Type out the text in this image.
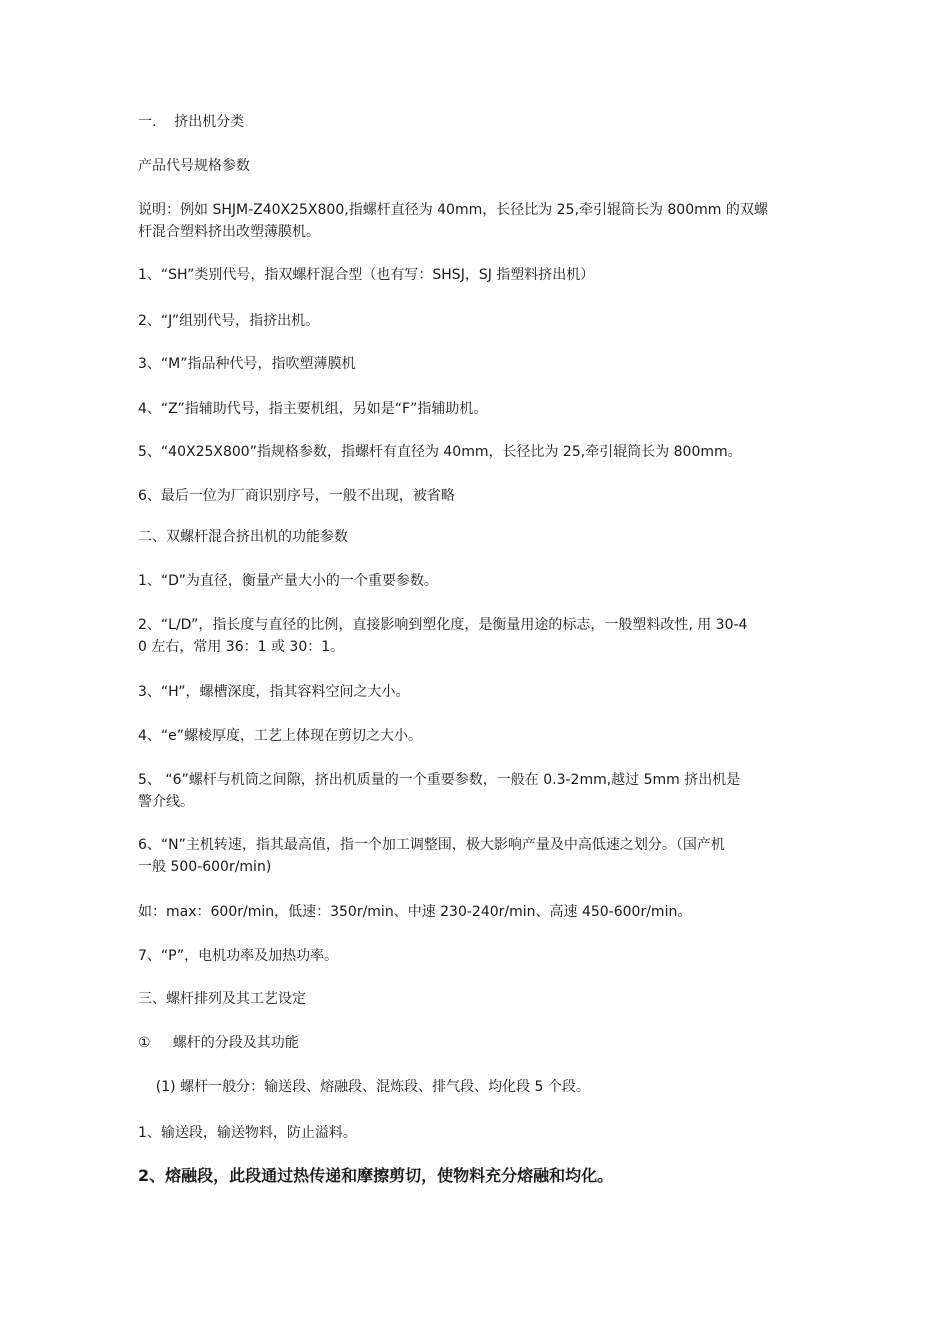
一.    挤出机分类
产品代号规格参数
说明：例如 SHJM-Z40X25X800,指螺杆直径为 40mm，长径比为 25,牵引辊筒长为 800mm 的双螺
杆混合塑料挤出改塑薄膜机。
1、“SH”类别代号，指双螺杆混合型（也有写：SHSJ，SJ 指塑料挤出机）
2、“J”组别代号，指挤出机。
3、“M”指品种代号，指吹塑薄膜机
4、“Z”指辅助代号，指主要机组，另如是“F”指辅助机。
5、“40X25X800”指规格参数，指螺杆有直径为 40mm，长径比为 25,牵引辊筒长为 800mm。
6、最后一位为厂商识别序号，一般不出现，被省略
二、双螺杆混合挤出机的功能参数
1、“D”为直径，衡量产量大小的一个重要参数。
2、“L/D”，指长度与直径的比例，直接影响到塑化度，是衡量用途的标志，一般塑料改性, 用 30-4
0 左右，常用 36：1 或 30：1。
3、“H”，螺槽深度，指其容料空间之大小。
4、“e”螺棱厚度，工艺上体现在剪切之大小。
5、 “6”螺杆与机筒之间隙，挤出机质量的一个重要参数，一般在 0.3-2mm,越过 5mm 挤出机是
警介线。
6、“N”主机转速，指其最高值，指一个加工调整围，极大影响产量及中高低速之划分。（国产机
一般 500-600r/min)
如：max：600r/min，低速：350r/min、中速 230-240r/min、高速 450-600r/min。
7、“P”，电机功率及加热功率。
三、螺杆排列及其工艺设定
①     螺杆的分段及其功能
(1) 螺杆一般分：输送段、熔融段、混炼段、排气段、均化段 5 个段。
1、输送段，输送物料，防止溢料。
2、熔融段，此段通过热传递和摩擦剪切，使物料充分熔融和均化。
